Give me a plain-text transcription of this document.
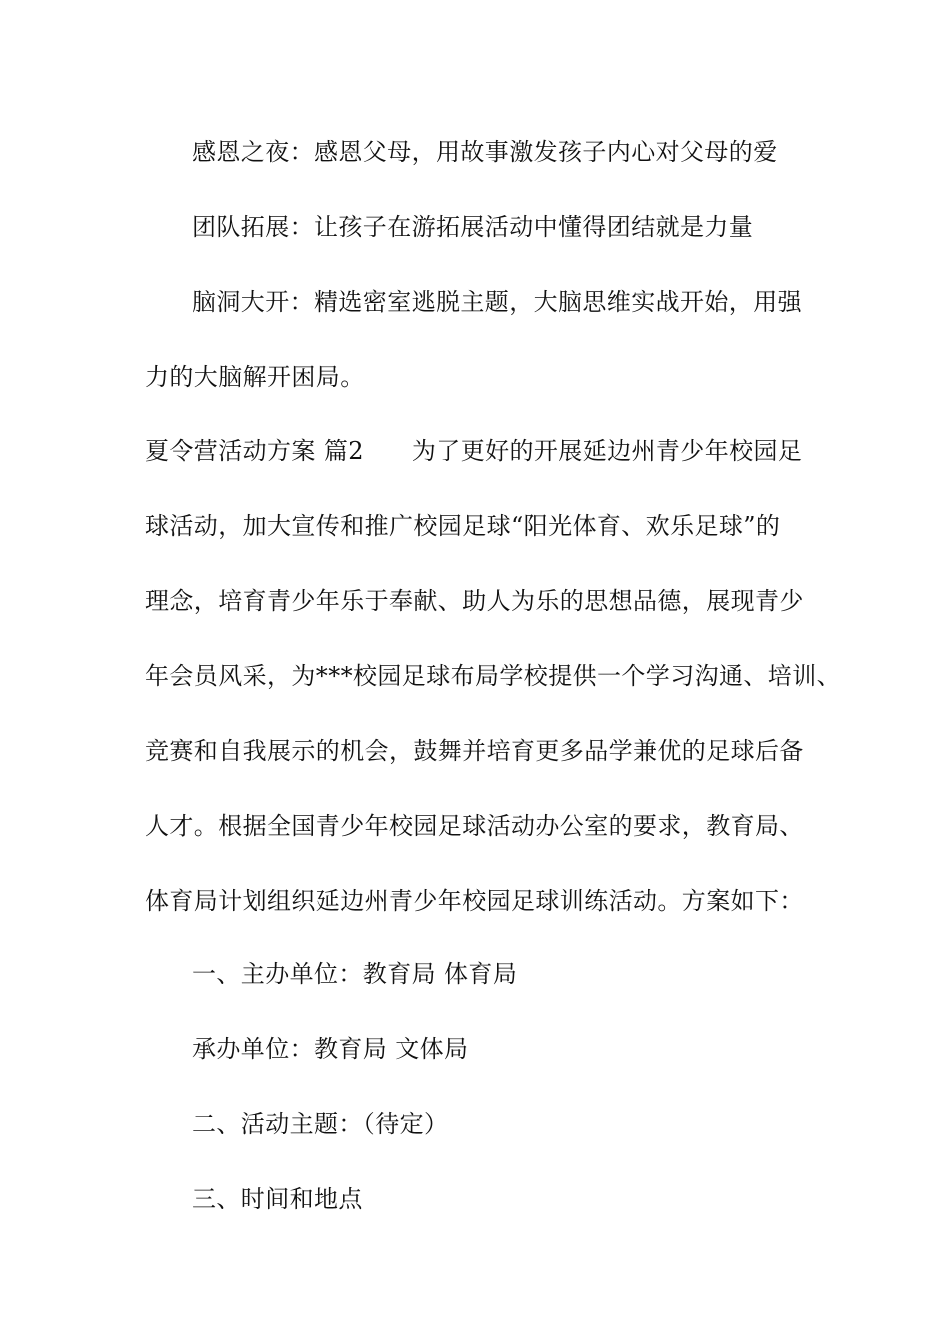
感恩之夜：感恩父母，用故事激发孩子内心对父母的爱
团队拓展：让孩子在游拓展活动中懂得团结就是力量
脑洞大开：精选密室逃脱主题，大脑思维实战开始，用强
力的大脑解开困局。
夏令营活动方案 篇2 为了更好的开展延边州青少年校园足
球活动，加大宣传和推广校园足球“阳光体育、欢乐足球”的
理念，培育青少年乐于奉献、助人为乐的思想品德，展现青少
年会员风采，为***校园足球布局学校提供一个学习沟通、培训、
竞赛和自我展示的机会，鼓舞并培育更多品学兼优的足球后备
人才。根据全国青少年校园足球活动办公室的要求，教育局、
体育局计划组织延边州青少年校园足球训练活动。方案如下：
一、主办单位：教育局 体育局
承办单位：教育局 文体局
二、活动主题：（待定）
三、时间和地点
